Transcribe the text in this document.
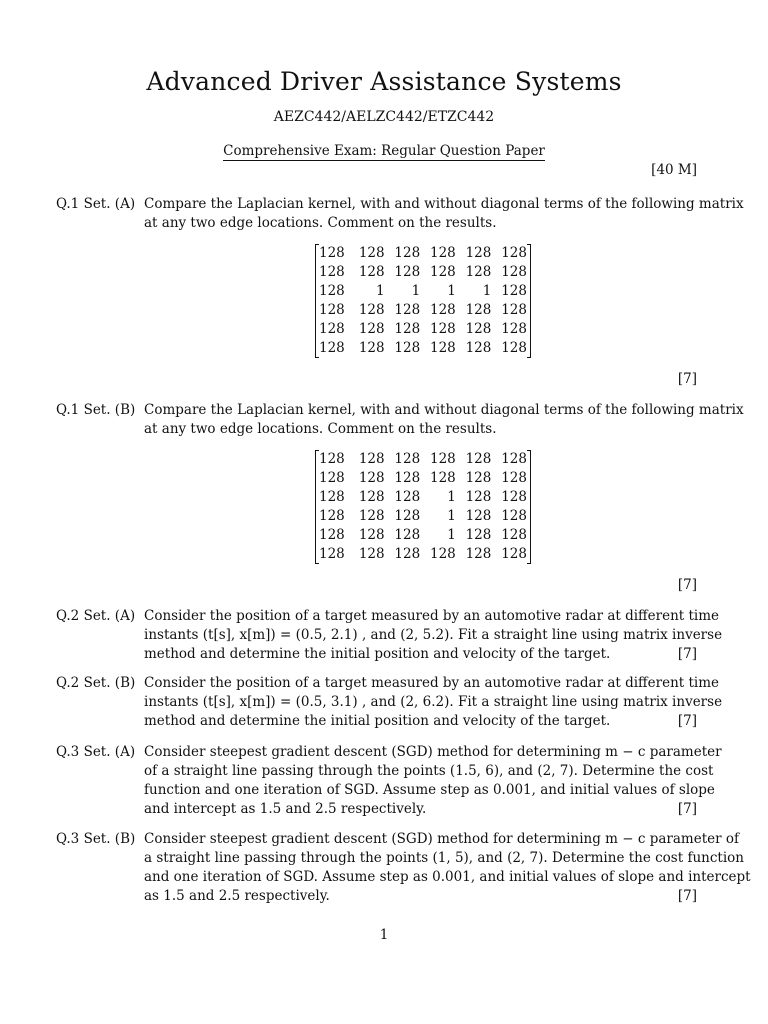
Advanced Driver Assistance Systems
AEZC442/AELZC442/ETZC442
Comprehensive Exam: Regular Question Paper
[40 M]
Q.1 Set. (A) Compare the Laplacian kernel, with and without diagonal terms of the following matrix
at any two edge locations. Comment on the results.
128	128 128 128 128 128
128	128 128 128 128 128
128	1	1	1	1 128
128	128 128 128 128 128
128	128 128 128 128 128
128	128 128 128 128 128
[7]
Q.1 Set. (B) Compare the Laplacian kernel, with and without diagonal terms of the following matrix
at any two edge locations. Comment on the results.
128	128 128 128 128 128
128	128 128 128 128 128
128	128 128	1 128 128
128	128 128	1 128 128
128	128 128	1 128 128
128	128 128 128 128 128
[7]
Q.2 Set. (A) Consider the position of a target measured by an automotive radar at different time
instants (t[s], x[m]) = (0.5, 2.1) , and (2, 5.2). Fit a straight line using matrix inverse
method and determine the initial position and velocity of the target.	[7]
Q.2 Set. (B) Consider the position of a target measured by an automotive radar at different time
instants (t[s], x[m]) = (0.5, 3.1) , and (2, 6.2). Fit a straight line using matrix inverse
method and determine the initial position and velocity of the target.	[7]
Q.3 Set. (A) Consider steepest gradient descent (SGD) method for determining m − c parameter
of a straight line passing through the points (1.5, 6), and (2, 7). Determine the cost
function and one iteration of SGD. Assume step as 0.001, and initial values of slope
and intercept as 1.5 and 2.5 respectively.	[7]
Q.3 Set. (B) Consider steepest gradient descent (SGD) method for determining m − c parameter of
a straight line passing through the points (1, 5), and (2, 7). Determine the cost function
and one iteration of SGD. Assume step as 0.001, and initial values of slope and intercept
as 1.5 and 2.5 respectively.	[7]
1
